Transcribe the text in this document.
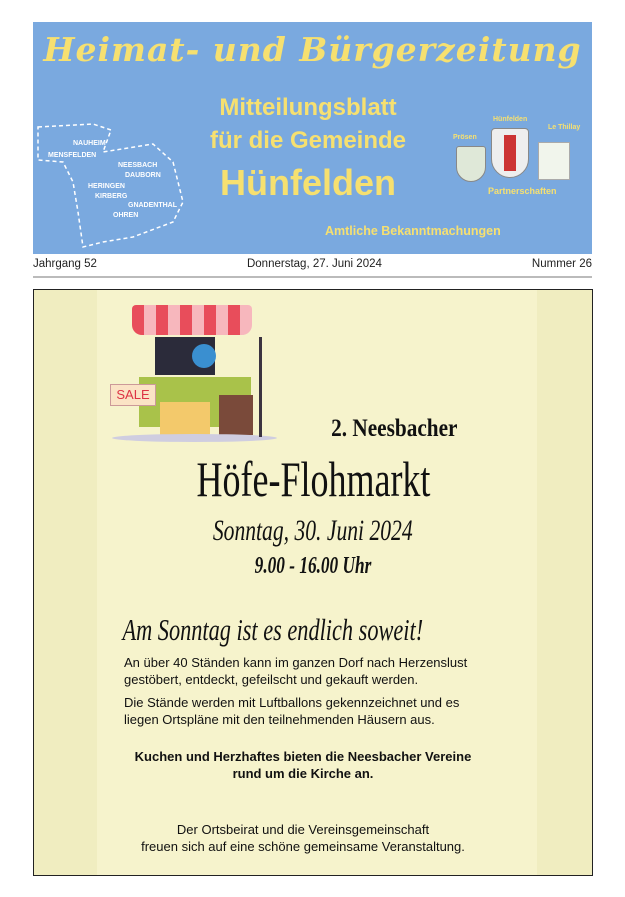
Heimat- und Bürgerzeitung
NAUHEIM
MENSFELDEN
NEESBACH
DAUBORN
HERINGEN
KIRBERG
GNADENTHAL
OHREN
Mitteilungsblatt
für die Gemeinde
Hünfelden
Prösen
Hünfelden
Le Thillay
Partnerschaften
Amtliche Bekanntmachungen
Jahrgang 52	Donnerstag, 27. Juni 2024	Nummer 26
SALE
2. Neesbacher
Höfe-Flohmarkt
Sonntag, 30. Juni 2024
9.00 - 16.00 Uhr
Am Sonntag ist es endlich soweit!
An über 40 Ständen kann im ganzen Dorf nach Herzenslust
gestöbert, entdeckt, gefeilscht und gekauft werden.
Die Stände werden mit Luftballons gekennzeichnet und es
liegen Ortspläne mit den teilnehmenden Häusern aus.
Kuchen und Herzhaftes bieten die Neesbacher Vereine
rund um die Kirche an.
Der Ortsbeirat und die Vereinsgemeinschaft
freuen sich auf eine schöne gemeinsame Veranstaltung.
